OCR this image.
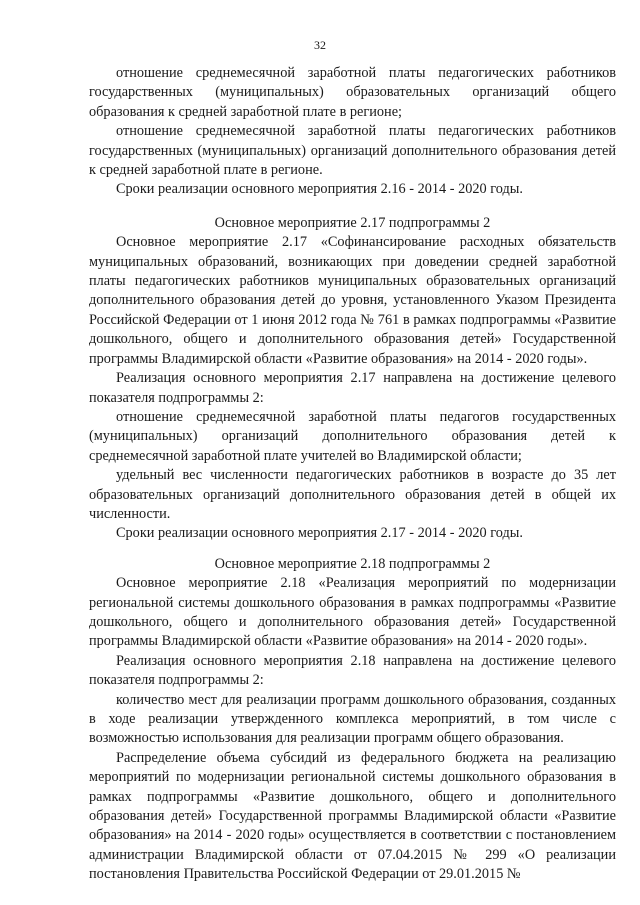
32

отношение среднемесячной заработной платы педагогических работников государственных (муниципальных) образовательных организаций общего образования к средней заработной плате в регионе;

отношение среднемесячной заработной платы педагогических работников государственных (муниципальных) организаций дополнительного образования детей к средней заработной плате в регионе.

Сроки реализации основного мероприятия 2.16 - 2014 - 2020 годы.

Основное мероприятие 2.17 подпрограммы 2

Основное мероприятие 2.17 «Софинансирование расходных обязательств муниципальных образований, возникающих при доведении средней заработной платы педагогических работников муниципальных образовательных организаций дополнительного образования детей до уровня, установленного Указом Президента Российской Федерации от 1 июня 2012 года № 761 в рамках подпрограммы «Развитие дошкольного, общего и дополнительного образования детей» Государственной программы Владимирской области «Развитие образования» на 2014 - 2020 годы».

Реализация основного мероприятия 2.17 направлена на достижение целевого показателя подпрограммы 2:

отношение среднемесячной заработной платы педагогов государственных (муниципальных) организаций дополнительного образования детей к среднемесячной заработной плате учителей во Владимирской области;

удельный вес численности педагогических работников в возрасте до 35 лет образовательных организаций дополнительного образования детей в общей их численности.

Сроки реализации основного мероприятия 2.17 - 2014 - 2020 годы.

Основное мероприятие 2.18 подпрограммы 2

Основное мероприятие 2.18 «Реализация мероприятий по модернизации региональной системы дошкольного образования в рамках подпрограммы «Развитие дошкольного, общего и дополнительного образования детей» Государственной программы Владимирской области «Развитие образования» на 2014 - 2020 годы».

Реализация основного мероприятия 2.18 направлена на достижение целевого показателя подпрограммы 2:

количество мест для реализации программ дошкольного образования, созданных в ходе реализации утвержденного комплекса мероприятий, в том числе с возможностью использования для реализации программ общего образования.

Распределение объема субсидий из федерального бюджета на реализацию мероприятий по модернизации региональной системы дошкольного образования в рамках подпрограммы «Развитие дошкольного, общего и дополнительного образования детей» Государственной программы Владимирской области «Развитие образования» на 2014 - 2020 годы» осуществляется в соответствии с постановлением администрации Владимирской области от 07.04.2015 № 299 «О реализации постановления Правительства Российской Федерации от 29.01.2015 №
